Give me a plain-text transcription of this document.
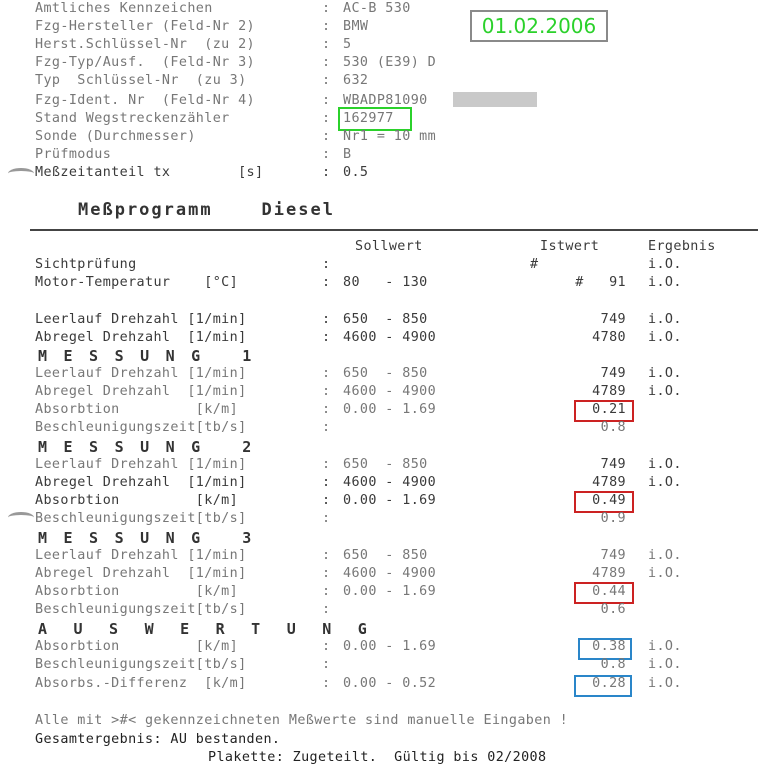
Amtliches Kennzeichen	: AC-B 530
Fzg-Hersteller (Feld-Nr 2)	: BMW
Herst.Schlüssel-Nr  (zu 2)	: 5
Fzg-Typ/Ausf.  (Feld-Nr 3)	: 530 (E39) D
Typ  Schlüssel-Nr  (zu 3)	: 632
Fzg-Ident. Nr  (Feld-Nr 4)	: WBADP81090
Stand Wegstreckenzähler	: 162977
Sonde (Durchmesser)	: Nr1 = 10 mm
Prüfmodus	: B
Meßzeitanteil tx        [s]	: 0.5
01.02.2006
Meßprogramm    Diesel
Sollwert	Istwert	Ergebnis
Sichtprüfung	:	#	i.O.
Motor-Temperatur    [°C]	: 80   - 130	#   91 i.O.
Leerlauf Drehzahl [1/min]	: 650  - 850	749 i.O.
Abregel Drehzahl  [1/min]	: 4600 - 4900	4780 i.O.
MESSUNG 1
Leerlauf Drehzahl [1/min]	: 650  - 850	749 i.O.
Abregel Drehzahl  [1/min]	: 4600 - 4900	4789 i.O.
Absorbtion         [k/m]	: 0.00 - 1.69	0.21
Beschleunigungszeit[tb/s]	:	0.8
MESSUNG 2
Leerlauf Drehzahl [1/min]	: 650  - 850	749 i.O.
Abregel Drehzahl  [1/min]	: 4600 - 4900	4789 i.O.
Absorbtion         [k/m]	: 0.00 - 1.69	0.49
Beschleunigungszeit[tb/s]	:	0.9
MESSUNG 3
Leerlauf Drehzahl [1/min]	: 650  - 850	749 i.O.
Abregel Drehzahl  [1/min]	: 4600 - 4900	4789 i.O.
Absorbtion         [k/m]	: 0.00 - 1.69	0.44
Beschleunigungszeit[tb/s]	:	0.6
AUSWERTUNG
Absorbtion         [k/m]	: 0.00 - 1.69	0.38 i.O.
Beschleunigungszeit[tb/s]	:	0.8 i.O.
Absorbs.-Differenz  [k/m]	: 0.00 - 0.52	0.28 i.O.
Alle mit >#< gekennzeichneten Meßwerte sind manuelle Eingaben !
Gesamtergebnis: AU bestanden.
Plakette: Zugeteilt.  Gültig bis 02/2008
